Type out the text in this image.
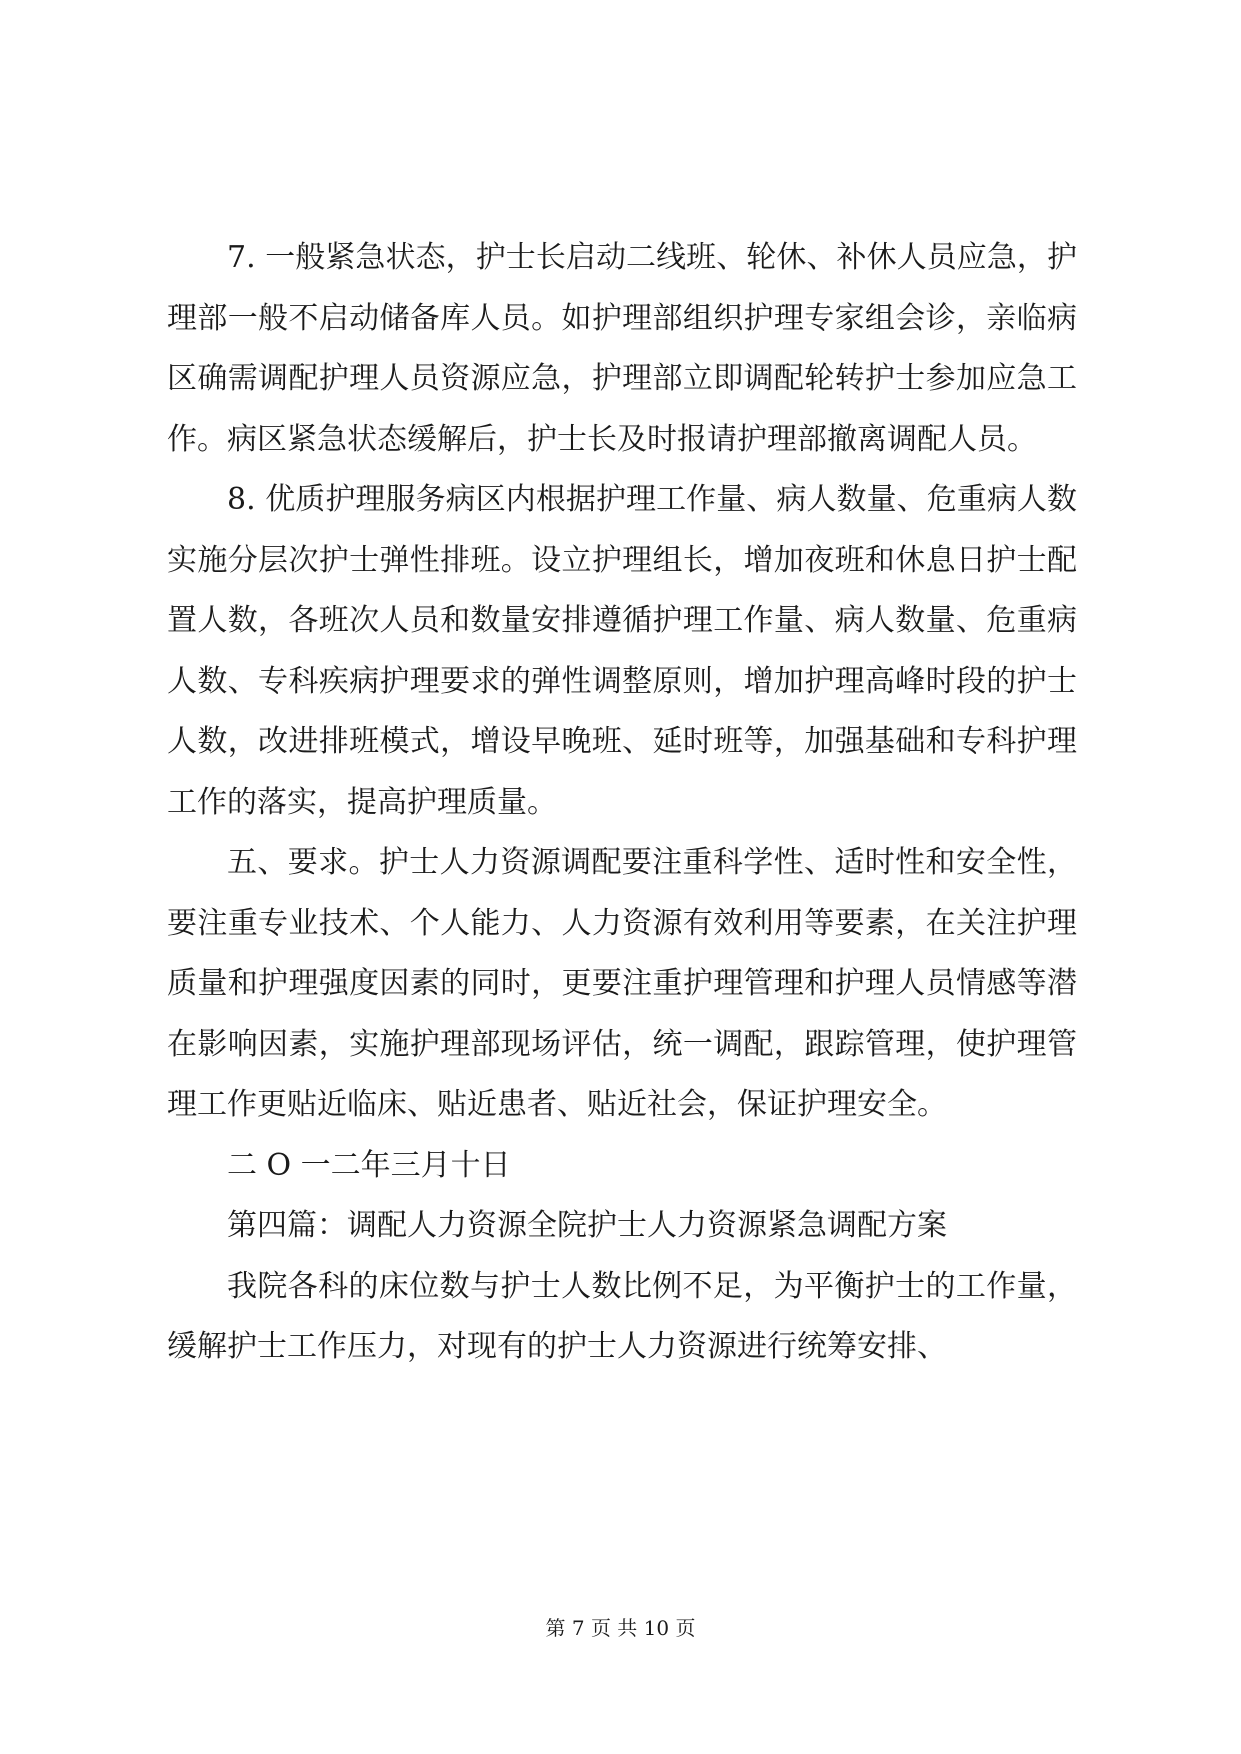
7. 一般紧急状态，护士长启动二线班、轮休、补休人员应急，护理部一般不启动储备库人员。如护理部组织护理专家组会诊，亲临病区确需调配护理人员资源应急，护理部立即调配轮转护士参加应急工作。病区紧急状态缓解后，护士长及时报请护理部撤离调配人员。

8. 优质护理服务病区内根据护理工作量、病人数量、危重病人数实施分层次护士弹性排班。设立护理组长，增加夜班和休息日护士配置人数，各班次人员和数量安排遵循护理工作量、病人数量、危重病人数、专科疾病护理要求的弹性调整原则，增加护理高峰时段的护士人数，改进排班模式，增设早晚班、延时班等，加强基础和专科护理工作的落实，提高护理质量。

五、要求。护士人力资源调配要注重科学性、适时性和安全性，要注重专业技术、个人能力、人力资源有效利用等要素，在关注护理质量和护理强度因素的同时，更要注重护理管理和护理人员情感等潜在影响因素，实施护理部现场评估，统一调配，跟踪管理，使护理管理工作更贴近临床、贴近患者、贴近社会，保证护理安全。

二 O 一二年三月十日

第四篇：调配人力资源全院护士人力资源紧急调配方案

我院各科的床位数与护士人数比例不足，为平衡护士的工作量，缓解护士工作压力，对现有的护士人力资源进行统筹安排、

第 7 页 共 10 页
